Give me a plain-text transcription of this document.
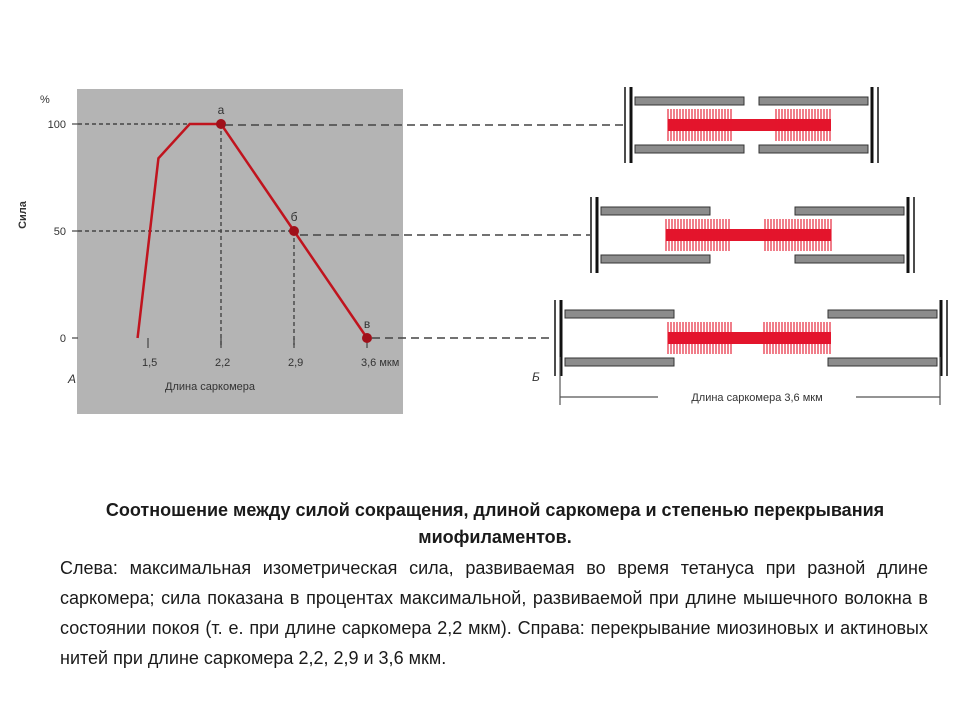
%
Сила
100
50
0
1,5	2,2	2,9	3,6 мкм
а
б
в
Длина саркомера
А	Б
Длина саркомера 3,6 мкм
Соотношение между силой сокращения, длиной саркомера и степенью перекрывания миофиламентов.
Слева: максимальная изометрическая сила, развиваемая во время тетануса при разной длине саркомера; сила показана в процентах максимальной, развиваемой при длине мышечного волокна в состоянии покоя (т. е. при длине саркомера 2,2 мкм). Справа: перекрывание миозиновых и актиновых нитей при длине саркомера 2,2, 2,9 и 3,6 мкм.
